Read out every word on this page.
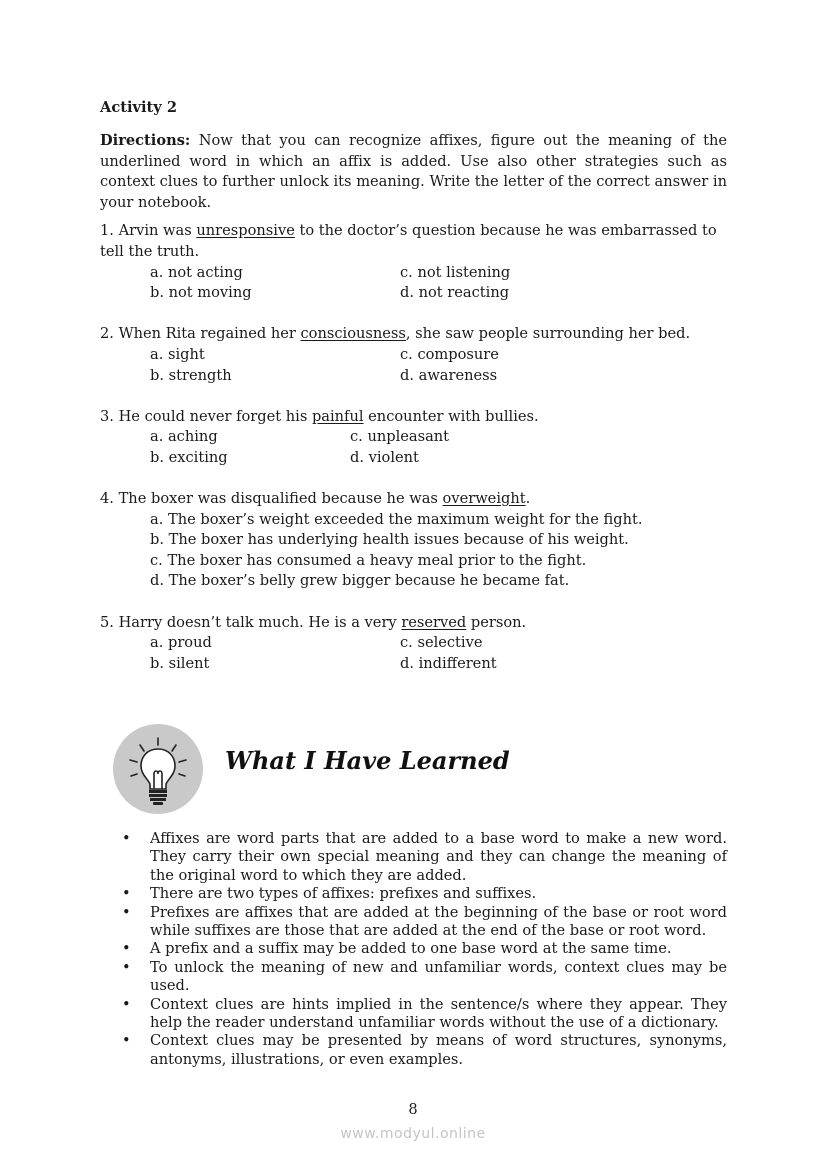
Activity 2

Directions: Now that you can recognize affixes, figure out the meaning of the underlined word in which an affix is added. Use also other strategies such as context clues to further unlock its meaning. Write the letter of the correct answer in your notebook.

1. Arvin was unresponsive to the doctor’s question because he was embarrassed to tell the truth.

a. not acting	c. not listening
b. not moving	d. not reacting

2. When Rita regained her consciousness, she saw people surrounding her bed.

a. sight	c. composure
b. strength	d. awareness

3. He could never forget his painful encounter with bullies.

a. aching	c. unpleasant
b. exciting	d. violent

4. The boxer was disqualified because he was overweight.

a. The boxer’s weight exceeded the maximum weight for the fight.
b. The boxer has underlying health issues because of his weight.
c. The boxer has consumed a heavy meal prior to the fight.
d. The boxer’s belly grew bigger because he became fat.

5. Harry doesn’t talk much. He is a very reserved person.

a. proud	c. selective
b. silent	d. indifferent
What I Have Learned
• Affixes are word parts that are added to a base word to make a new word. They carry their own special meaning and they can change the meaning of the original word to which they are added.
• There are two types of affixes: prefixes and suffixes.
• Prefixes are affixes that are added at the beginning of the base or root word while suffixes are those that are added at the end of the base or root word.
• A prefix and a suffix may be added to one base word at the same time.
• To unlock the meaning of new and unfamiliar words, context clues may be used.
• Context clues are hints implied in the sentence/s where they appear. They help the reader understand unfamiliar words without the use of a dictionary.
• Context clues may be presented by means of word structures, synonyms, antonyms, illustrations, or even examples.
8
www.modyul.online
